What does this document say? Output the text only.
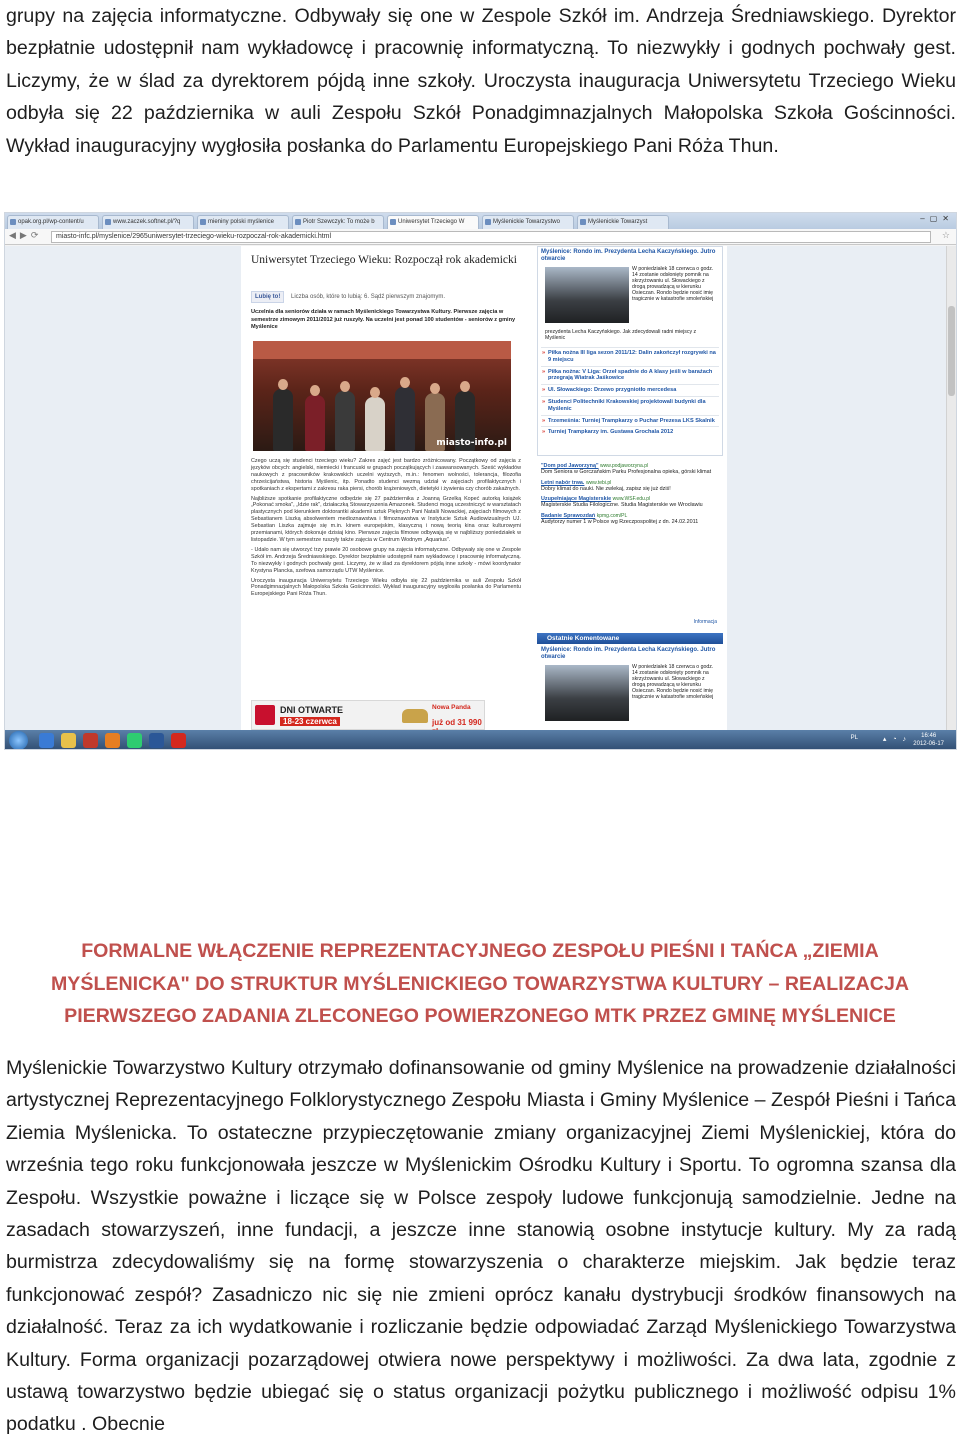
grupy na zajęcia informatyczne. Odbywały się one w Zespole Szkół im. Andrzeja Średniawskiego. Dyrektor bezpłatnie udostępnił nam wykładowcę i pracownię informatyczną. To niezwykły i godnych pochwały gest. Liczymy, że w ślad za dyrektorem pójdą inne szkoły. Uroczysta inauguracja Uniwersytetu Trzeciego Wieku odbyła się 22 października w auli Zespołu Szkół Ponadgimnazjalnych Małopolska Szkoła Gościnności. Wykład inauguracyjny wygłosiła posłanka do Parlamentu Europejskiego Pani Róża Thun.

opak.org.pl/wp-content/u	www.zaczek.softnet.pl/?q	mieniny polski myślenice	Piotr Szewczyk: To może b	Uniwersytet Trzeciego W	Myślenickie Towarzystwo	Myślenickie Towarzyst	‒▢✕
◀▶⟳	miasto-infc.pl/myslenice/2965uniwersytet-trzeciego-wieku-rozpoczal-rok-akademicki.html	☆
Uniwersytet Trzeciego Wieku: Rozpoczął rok akademicki
Lubię to! Liczba osób, które to lubią: 6. Sądź pierwszym znajomym.
Uczelnia dla seniorów działa w ramach Myślenickiego Towarzystwa Kultury. Pierwsze zajęcia w semestrze zimowym 2011/2012 już ruszyły. Na uczelni jest ponad 100 studentów - seniorów z gminy Myślenice
miasto-info.pl

Czego uczą się studenci trzeciego wieku? Zakres zajęć jest bardzo zróżnicowany. Początkowy od zajęcia z języków obcych: angielski, niemiecki i francuski w grupach początkujących i zaawansowanych. Sześć wykładów naukowych z pracowników krakowskich uczelni wyższych, m.in.: fenomen wolności, tolerancja, filozofia chrześcijaństwa, historia Myślenic, itp. Ponadto studenci wezmą udział w zajęciach profilaktycznych i spotkaniach z ekspertami z zakresu raka piersi, chorób krążeniowych, dietetyki i żywienia czy chorób zakaźnych.

Najbliższe spotkanie profilaktyczne odbędzie się 27 października z Joanną Grzelką Kopeć autorką książek „Pokonać smoka", „Idzie rak", działaczką Stowarzyszenia Amazonek. Studenci mogą uczestniczyć w warsztatach plastycznych pod kierunkiem doktorantki akademii sztuk Pięknych Pani Natalii Nowackiej, zajęciach filmowych z Sebastianem Liszką absolwentem medioznawstwa i filmoznawstwa w Instytucie Sztuk Audiowizualnych UJ. Sebastian Liszka zajmuje się m.in. kinem europejskim, klasyczną i nową teorią kina oraz kulturowymi przemianami, których dokonuje dzisiaj kino. Pierwsze zajęcia filmowe odbywają się w najbliższy poniedziałek w listopadzie. W tym semestrze ruszyły także zajęcia w Centrum Wodnym „Aquarius".

- Udało nam się utworzyć trzy prawie 20 osobowe grupy na zajęcia informatyczne. Odbywały się one w Zespole Szkół im. Andrzeja Średniawskiego. Dyrektor bezpłatnie udostępnił nam wykładowcę i pracownię informatyczną. To niezwykły i godnych pochwały gest. Liczymy, że w ślad za dyrektorem pójdą inne szkoły - mówi koordynator Krystyna Plancka, szefowa samorządu UTW Myślenice.

Uroczysta inauguracja Uniwersytetu Trzeciego Wieku odbyła się 22 października w auli Zespołu Szkół Ponadgimnazjalnych Małopolska Szkoła Gościnności. Wykład inauguracyjny wygłosiła posłanka do Parlamentu Europejskiego Pani Róża Thun.

DNI OTWARTE
18-23 czerwca
Nowa Panda
już od 31 990
Myślenice: Rondo im. Prezydenta Lecha Kaczyńskiego. Jutro otwarcie
W poniedziałek 18 czerwca o godz. 14 zostanie odsłonięty pomnik na skrzyżowaniu ul. Słowackiego z drogą prowadzącą w kierunku Osieczan. Rondo będzie nosić imię tragicznie w katastrofie smoleńskiej
prezydenta Lecha Kaczyńskiego. Jak zdecydowali radni miejscy z Myślenic
» Piłka nożna III liga sezon 2011/12: Dalin zakończył rozgrywki na 9 miejscu
» Piłka nożna: V Liga: Orzeł spadnie do A klasy jeśli w barażach przegrają Wiatrak Jaśkowice
» Ul. Słowackiego: Drzewo przygniotło mercedesa
» Studenci Politechniki Krakowskiej projektowali budynki dla Myślenic
» Trzemeśnia: Turniej Trampkarzy o Puchar Prezesa LKS Skalnik
» Turniej Trampkarzy im. Gustawa Grochala 2012
"Dom pod Jaworzyną" www.podjaworzyna.pl
Dom Seniora w Gorczańskim Parku Profesjonalna opieka, górski klimat
Letni nabór trwa. www.tebi.pl
Dobry klimat do nauki. Nie zwlekaj, zapisz się już dziś!
Uzupełniające Magisterskie www.WSF.edu.pl
Magisterskie Studia Filologiczne. Studia Magisterskie we Wrocławiu
Badanie Sprawozdań kpmg.com/PL
Audytorzy numer 1 w Polsce wg Rzeczpospolitej z dn. 24.02.2011
Informacja
Ostatnie Komentowane
Myślenice: Rondo im. Prezydenta Lecha Kaczyńskiego. Jutro otwarcie
W poniedziałek 18 czerwca o godz. 14 zostanie odsłonięty pomnik na skrzyżowaniu ul. Słowackiego z drogą prowadzącą w kierunku Osieczan. Rondo będzie nosić imię tragicznie w katastrofie smoleńskiej
PL	▴ ◔ ♪	16:46
2012-06-17
FORMALNE WŁĄCZENIE REPREZENTACYJNEGO ZESPOŁU PIEŚNI I TAŃCA „ZIEMIA MYŚLENICKA" DO STRUKTUR MYŚLENICKIEGO TOWARZYSTWA KULTURY – REALIZACJA PIERWSZEGO ZADANIA ZLECONEGO POWIERZONEGO MTK PRZEZ GMINĘ MYŚLENICE

Myślenickie Towarzystwo Kultury otrzymało dofinansowanie od gminy Myślenice na prowadzenie działalności artystycznej Reprezentacyjnego Folklorystycznego Zespołu Miasta i Gminy Myślenice – Zespół Pieśni i Tańca Ziemia Myślenicka. To ostateczne przypieczętowanie zmiany organizacyjnej Ziemi Myślenickiej, która do września tego roku funkcjonowała jeszcze w Myślenickim Ośrodku Kultury i Sportu. To ogromna szansa dla Zespołu. Wszystkie poważne i liczące się w Polsce zespoły ludowe funkcjonują samodzielnie. Jedne na zasadach stowarzyszeń, inne fundacji, a jeszcze inne stanowią osobne instytucje kultury. My za radą burmistrza zdecydowaliśmy się na formę stowarzyszenia o charakterze miejskim. Jak będzie teraz funkcjonować zespół? Zasadniczo nic się nie zmieni oprócz kanału dystrybucji środków finansowych na działalność. Teraz za ich wydatkowanie i rozliczanie będzie odpowiadać Zarząd Myślenickiego Towarzystwa Kultury. Forma organizacji pozarządowej otwiera nowe perspektywy i możliwości. Za dwa lata, zgodnie z ustawą towarzystwo będzie ubiegać się o status organizacji pożytku publicznego i możliwość odpisu 1% podatku . Obecnie
